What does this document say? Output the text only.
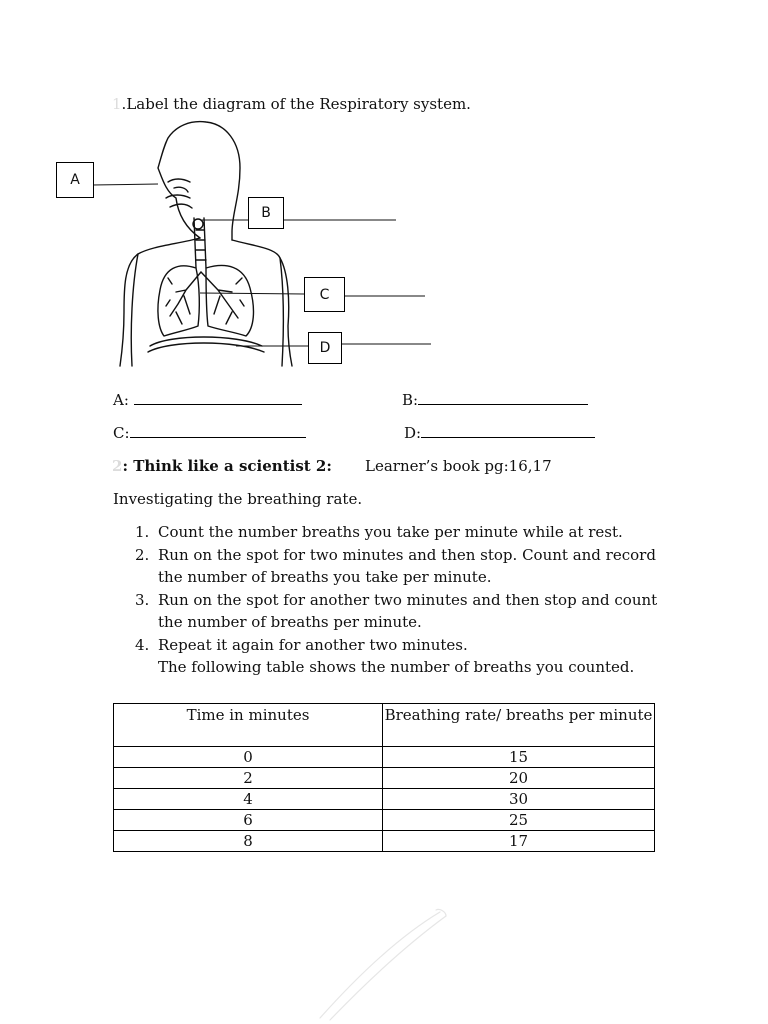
1.Label the diagram of the Respiratory system.
A
B
C
D
A:	B:
C:	D:
2: Think like a scientist 2: Learner’s book pg:16,17
Investigating the breathing rate.
1. Count the number breaths you take per minute while at rest.
2. Run on the spot for two minutes and then stop. Count and record the number of breaths you take per minute.
3. Run on the spot for another two minutes and then stop and count the number of breaths per minute.
4. Repeat it again for another two minutes.
The following table shows the number of breaths you counted.
Time in minutes	Breathing rate/ breaths per minute
0	15
2	20
4	30
6	25
8	17
